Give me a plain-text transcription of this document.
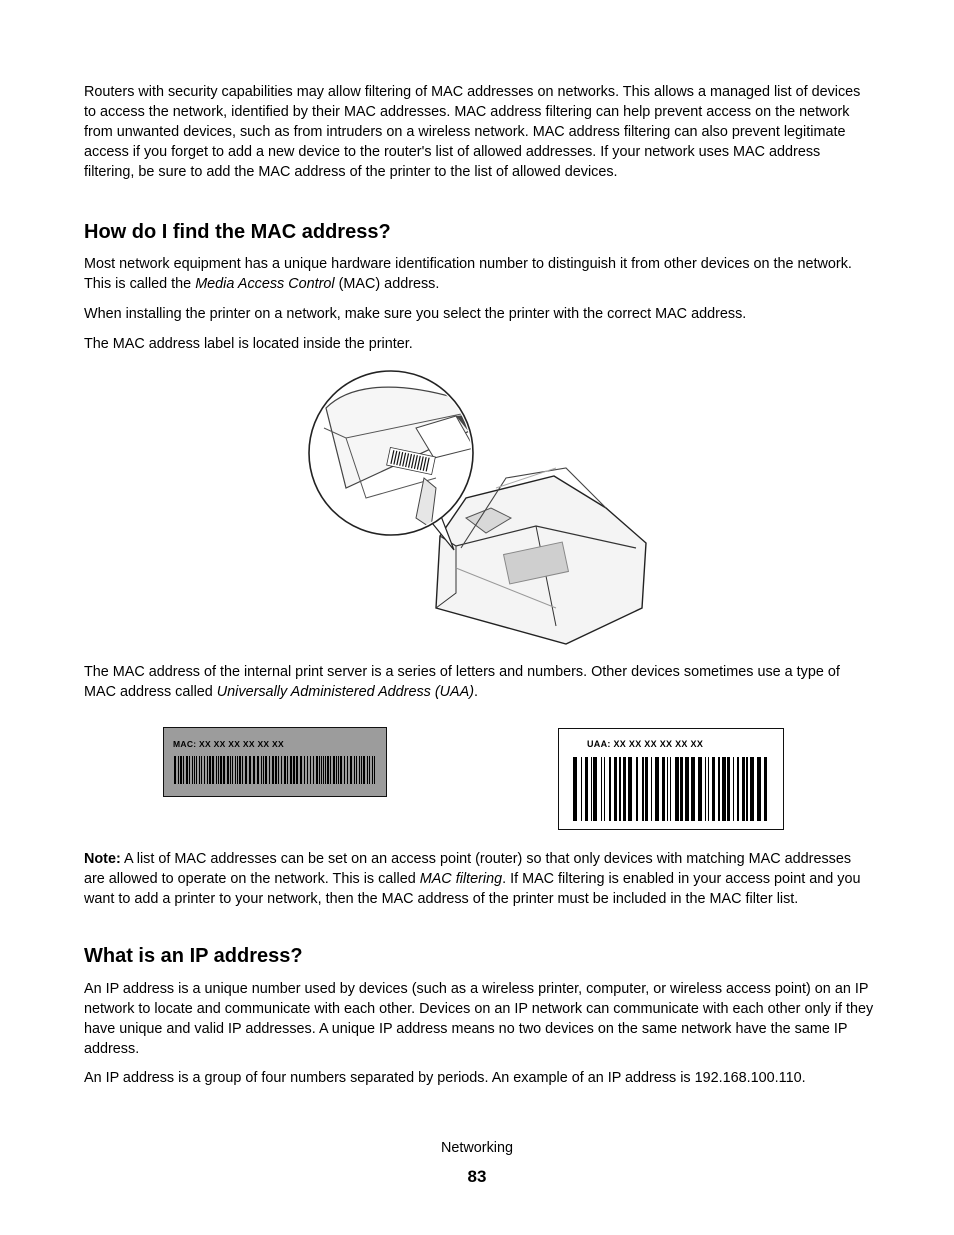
Routers with security capabilities may allow filtering of MAC addresses on networks. This allows a managed list of devices to access the network, identified by their MAC addresses. MAC address filtering can help prevent access on the network from unwanted devices, such as from intruders on a wireless network. MAC address filtering can also prevent legitimate access if you forget to add a new device to the router's list of allowed addresses. If your network uses MAC address filtering, be sure to add the MAC address of the printer to the list of allowed devices.

How do I find the MAC address?

Most network equipment has a unique hardware identification number to distinguish it from other devices on the network. This is called the Media Access Control (MAC) address.

When installing the printer on a network, make sure you select the printer with the correct MAC address.

The MAC address label is located inside the printer.

The MAC address of the internal print server is a series of letters and numbers. Other devices sometimes use a type of MAC address called Universally Administered Address (UAA).

MAC: XX XX XX XX XX XX	UAA: XX XX XX XX XX XX

Note: A list of MAC addresses can be set on an access point (router) so that only devices with matching MAC addresses are allowed to operate on the network. This is called MAC filtering. If MAC filtering is enabled in your access point and you want to add a printer to your network, then the MAC address of the printer must be included in the MAC filter list.

What is an IP address?

An IP address is a unique number used by devices (such as a wireless printer, computer, or wireless access point) on an IP network to locate and communicate with each other. Devices on an IP network can communicate with each other only if they have unique and valid IP addresses. A unique IP address means no two devices on the same network have the same IP address.

An IP address is a group of four numbers separated by periods. An example of an IP address is 192.168.100.110.

Networking
83
